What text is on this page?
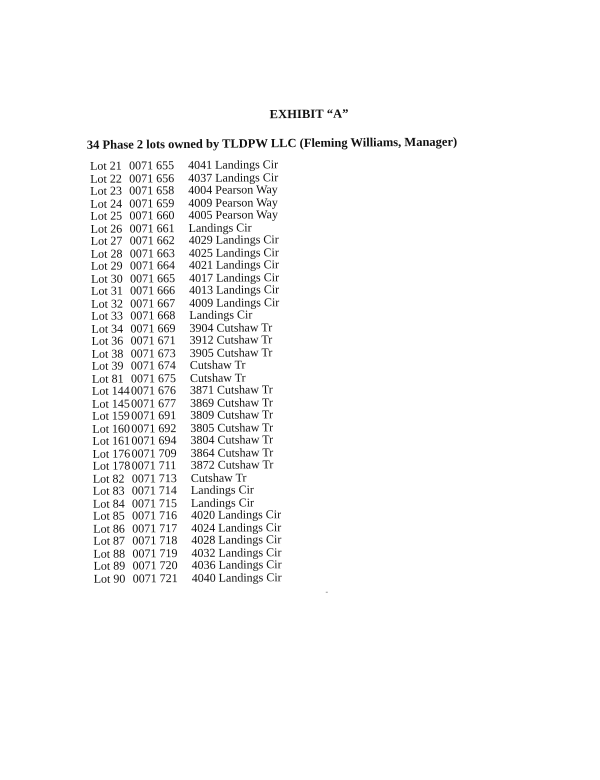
EXHIBIT “A”
34 Phase 2 lots owned by TLDPW LLC (Fleming Williams, Manager)
Lot 21 0071 655 4041 Landings Cir
Lot 22 0071 656 4037 Landings Cir
Lot 23 0071 658 4004 Pearson Way
Lot 24 0071 659 4009 Pearson Way
Lot 25 0071 660 4005 Pearson Way
Lot 26 0071 661 Landings Cir
Lot 27 0071 662 4029 Landings Cir
Lot 28 0071 663 4025 Landings Cir
Lot 29 0071 664 4021 Landings Cir
Lot 30 0071 665 4017 Landings Cir
Lot 31 0071 666 4013 Landings Cir
Lot 32 0071 667 4009 Landings Cir
Lot 33 0071 668 Landings Cir
Lot 34 0071 669 3904 Cutshaw Tr
Lot 36 0071 671 3912 Cutshaw Tr
Lot 38 0071 673 3905 Cutshaw Tr
Lot 39 0071 674 Cutshaw Tr
Lot 81 0071 675 Cutshaw Tr
Lot 144 0071 676 3871 Cutshaw Tr
Lot 145 0071 677 3869 Cutshaw Tr
Lot 159 0071 691 3809 Cutshaw Tr
Lot 160 0071 692 3805 Cutshaw Tr
Lot 161 0071 694 3804 Cutshaw Tr
Lot 176 0071 709 3864 Cutshaw Tr
Lot 178 0071 711 3872 Cutshaw Tr
Lot 82 0071 713 Cutshaw Tr
Lot 83 0071 714 Landings Cir
Lot 84 0071 715 Landings Cir
Lot 85 0071 716 4020 Landings Cir
Lot 86 0071 717 4024 Landings Cir
Lot 87 0071 718 4028 Landings Cir
Lot 88 0071 719 4032 Landings Cir
Lot 89 0071 720 4036 Landings Cir
Lot 90 0071 721 4040 Landings Cir
